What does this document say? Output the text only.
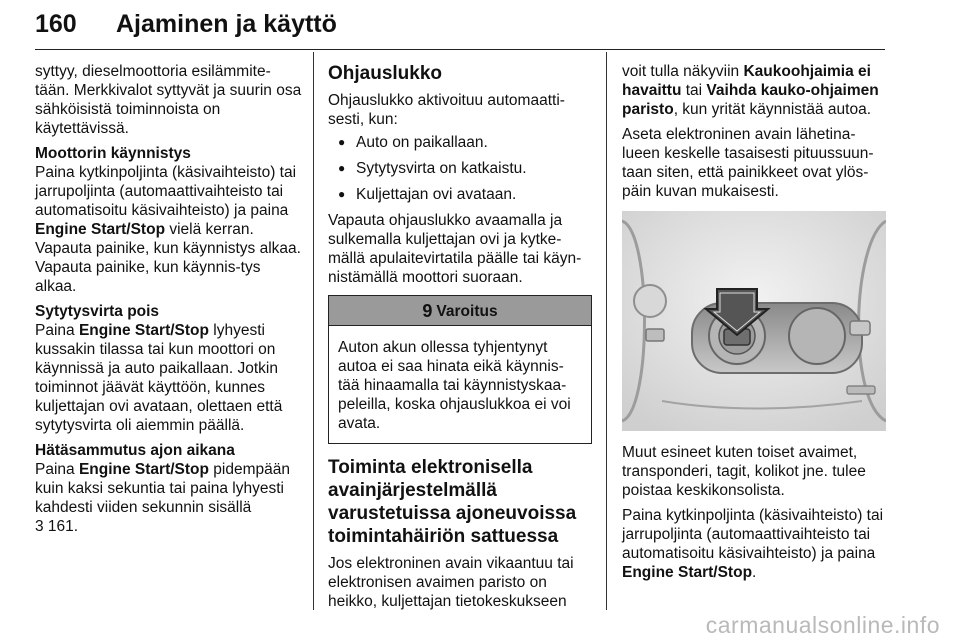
160 Ajaminen ja käyttö

syttyy, dieselmoottoria esilämmite-tään. Merkkivalot syttyvät ja suurin osa sähköisistä toiminnoista on käytettävissä.

Moottorin käynnistys

Paina kytkinpoljinta (käsivaihteisto) tai jarrupoljinta (automaattivaihteisto tai automatisoitu käsivaihteisto) ja paina Engine Start/Stop vielä kerran. Vapauta painike, kun käynnistys alkaa. Vapauta painike, kun käynnis-tys alkaa.

Sytytysvirta pois

Paina Engine Start/Stop lyhyesti kussakin tilassa tai kun moottori on käynnissä ja auto paikallaan. Jotkin toiminnot jäävät käyttöön, kunnes kuljettajan ovi avataan, olettaen että sytytysvirta oli aiemmin päällä.

Hätäsammutus ajon aikana

Paina Engine Start/Stop pidempään kuin kaksi sekuntia tai paina lyhyesti kahdesti viiden sekunnin sisällä
3 161.

Ohjauslukko

Ohjauslukko aktivoituu automaatti-sesti, kun:

● Auto on paikallaan.
● Sytytysvirta on katkaistu.
● Kuljettajan ovi avataan.

Vapauta ohjauslukko avaamalla ja sulkemalla kuljettajan ovi ja kytke-mällä apulaitevirtatila päälle tai käyn-nistämällä moottori suoraan.

9 Varoitus
Auton akun ollessa tyhjentynyt autoa ei saa hinata eikä käynnis-tää hinaamalla tai käynnistyskaa-peleilla, koska ohjauslukkoa ei voi avata.
Toiminta elektronisella avainjärjestelmällä varustetuissa ajoneuvoissa toimintahäiriön sattuessa

Jos elektroninen avain vikaantuu tai elektronisen avaimen paristo on heikko, kuljettajan tietokeskukseen

voit tulla näkyviin Kaukoohjaimia ei havaittu tai Vaihda kauko-ohjaimen paristo, kun yrität käynnistää autoa.

Aseta elektroninen avain lähetina-lueen keskelle tasaisesti pituussuun-taan siten, että painikkeet ovat ylös-päin kuvan mukaisesti.

Muut esineet kuten toiset avaimet, transponderi, tagit, kolikot jne. tulee poistaa keskikonsolista.

Paina kytkinpoljinta (käsivaihteisto) tai jarrupoljinta (automaattivaihteisto tai automatisoitu käsivaihteisto) ja paina Engine Start/Stop.

carmanualsonline.info
